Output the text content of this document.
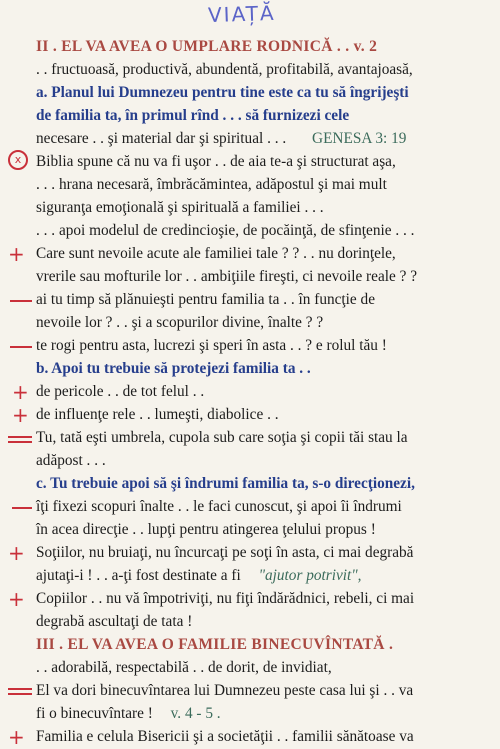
VIAȚĂ
II . EL VA AVEA O UMPLARE RODNICĂ . . v. 2
. . fructuoasă, productivă, abundentă, profitabilă, avantajoasă,
a. Planul lui Dumnezeu pentru tine este ca tu să îngrijeşti
de familia ta, în primul rînd . . . să furnizezi cele
necesare . . şi material dar şi spiritual . . . GENESA 3: 19
Biblia spune că nu va fi uşor . . de aia te-a şi structurat aşa,
. . . hrana necesară, îmbrăcămintea, adăpostul şi mai mult
siguranţa emoţională şi spirituală a familiei . . .
. . . apoi modelul de credincioşie, de pocăinţă, de sfinţenie . . .
Care sunt nevoile acute ale familiei tale ? ? . . nu dorinţele,
vrerile sau mofturile lor . . ambiţiile fireşti, ci nevoile reale ? ?
ai tu timp să plănuieşti pentru familia ta . . în funcţie de
nevoile lor ? . . şi a scopurilor divine, înalte ? ?
te rogi pentru asta, lucrezi şi speri în asta . . ? e rolul tău !
b. Apoi tu trebuie să protejezi familia ta . .
de pericole . . de tot felul . .
de influenţe rele . . lumeşti, diabolice . .
Tu, tată eşti umbrela, cupola sub care soţia şi copii tăi stau la
adăpost . . .
c. Tu trebuie apoi să şi îndrumi familia ta, s-o direcţionezi,
îţi fixezi scopuri înalte . . le faci cunoscut, şi apoi îi îndrumi
în acea direcţie . . lupţi pentru atingerea ţelului propus !
Soţiilor, nu bruiaţi, nu încurcaţi pe soţi în asta, ci mai degrabă
ajutaţi-i ! . . a-ţi fost destinate a fi "ajutor potrivit",
Copiilor . . nu vă împotriviţi, nu fiţi îndărădnici, rebeli, ci mai
degrabă ascultaţi de tata !
III . EL VA AVEA O FAMILIE BINECUVÎNTATĂ .
. . adorabilă, respectabilă . . de dorit, de invidiat,
El va dori binecuvîntarea lui Dumnezeu peste casa lui şi . . va
fi o binecuvîntare ! v. 4 - 5 .
Familia e celula Bisericii şi a societăţii . . familii sănătoase va
x
+
+
+
+
+
+
